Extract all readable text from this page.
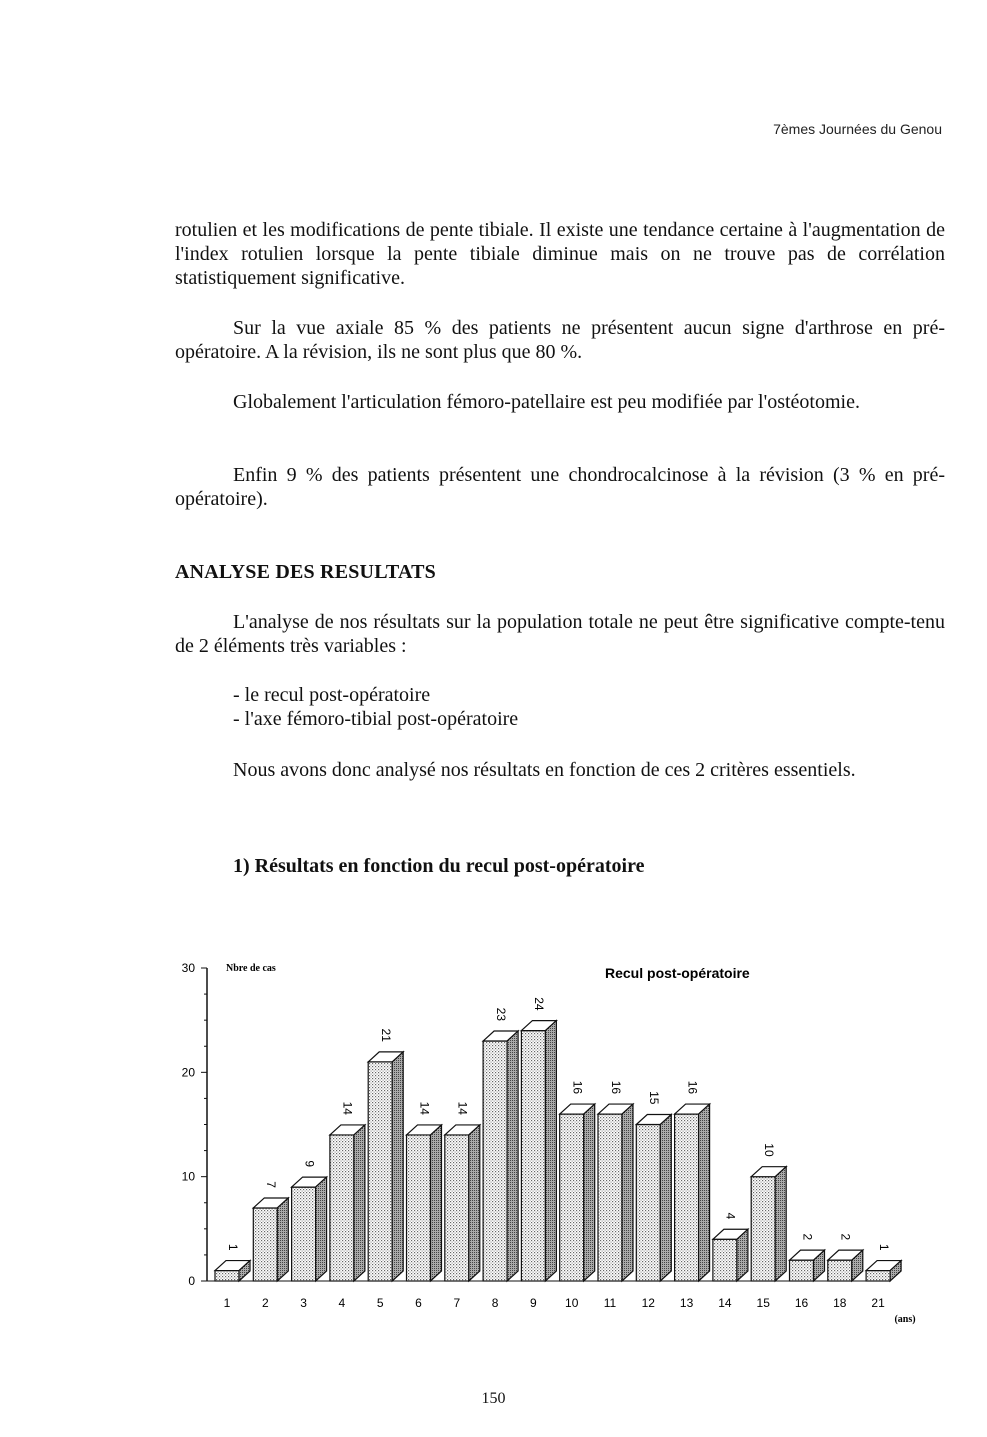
7èmes Journées du Genou

rotulien et les modifications de pente tibiale. Il existe une tendance certaine à l'augmentation de l'index rotulien lorsque la pente tibiale diminue mais on ne trouve pas de corrélation statistiquement significative.

Sur la vue axiale 85 % des patients ne présentent aucun signe d'arthrose en pré-opératoire. A la révision, ils ne sont plus que 80 %.

Globalement l'articulation fémoro-patellaire est peu modifiée par l'ostéotomie.

Enfin 9 % des patients présentent une chondrocalcinose à la révision (3 % en pré-opératoire).

ANALYSE DES RESULTATS

L'analyse de nos résultats sur la population totale ne peut être significative compte-tenu de 2 éléments très variables :

- le recul post-opératoire
- l'axe fémoro-tibial post-opératoire

Nous avons donc analysé nos résultats en fonction de ces 2 critères essentiels.

1) Résultats en fonction du recul post-opératoire
0
10
20
30
1
1
7
2
9
3
14
4
21
5
14
6
14
7
23
8
24
9
16
10
16
11
15
12
16
13
4
14
10
15
2
16
2
18
1
21
Recul post-opératoire
Nbre de cas
(ans)
150
